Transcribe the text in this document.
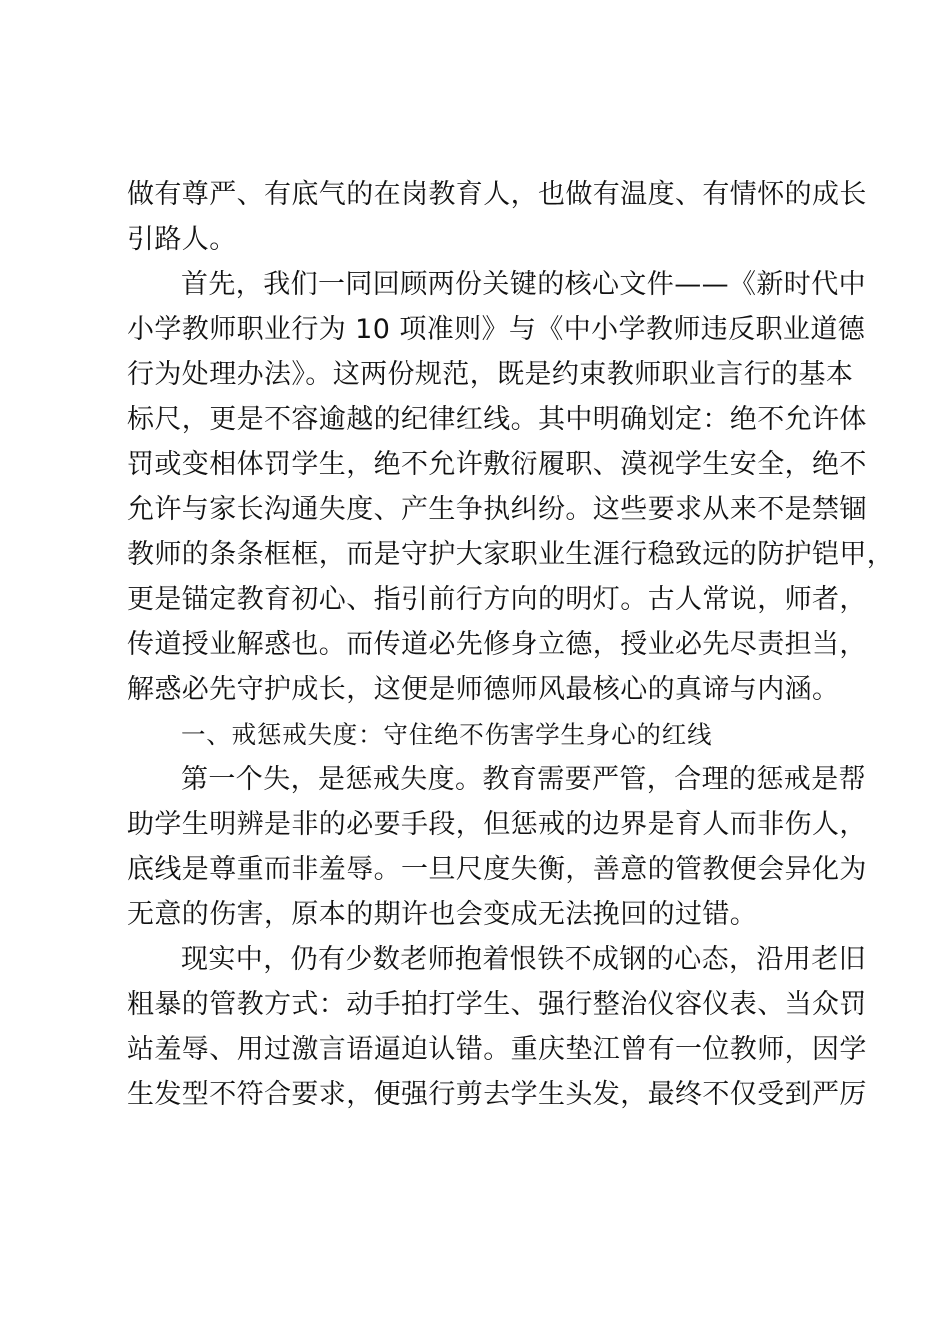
做有尊严、有底气的在岗教育人，也做有温度、有情怀的成长
引路人。
首先，我们一同回顾两份关键的核心文件——《新时代中
小学教师职业行为 10 项准则》与《中小学教师违反职业道德
行为处理办法》。这两份规范，既是约束教师职业言行的基本
标尺，更是不容逾越的纪律红线。其中明确划定：绝不允许体
罚或变相体罚学生，绝不允许敷衍履职、漠视学生安全，绝不
允许与家长沟通失度、产生争执纠纷。这些要求从来不是禁锢
教师的条条框框，而是守护大家职业生涯行稳致远的防护铠甲，
更是锚定教育初心、指引前行方向的明灯。古人常说，师者，
传道授业解惑也。而传道必先修身立德，授业必先尽责担当，
解惑必先守护成长，这便是师德师风最核心的真谛与内涵。
一、戒惩戒失度：守住绝不伤害学生身心的红线
第一个失，是惩戒失度。教育需要严管，合理的惩戒是帮
助学生明辨是非的必要手段，但惩戒的边界是育人而非伤人，
底线是尊重而非羞辱。一旦尺度失衡，善意的管教便会异化为
无意的伤害，原本的期许也会变成无法挽回的过错。
现实中，仍有少数老师抱着恨铁不成钢的心态，沿用老旧
粗暴的管教方式：动手拍打学生、强行整治仪容仪表、当众罚
站羞辱、用过激言语逼迫认错。重庆垫江曾有一位教师，因学
生发型不符合要求，便强行剪去学生头发，最终不仅受到严厉
